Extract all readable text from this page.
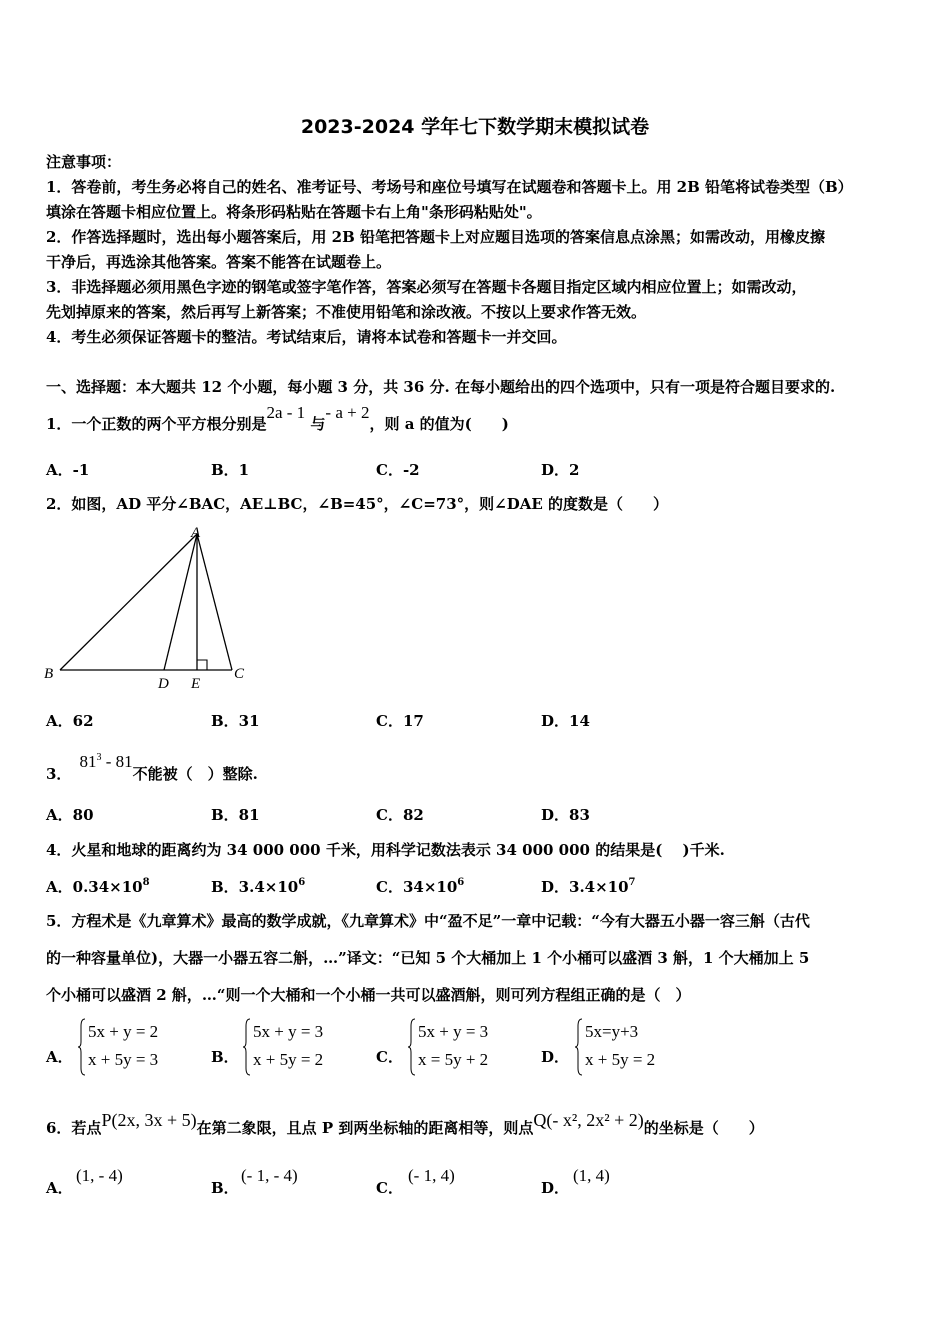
2023-2024 学年七下数学期末模拟试卷
注意事项：
1．答卷前，考生务必将自己的姓名、准考证号、考场号和座位号填写在试题卷和答题卡上。用 2B 铅笔将试卷类型（B）
填涂在答题卡相应位置上。将条形码粘贴在答题卡右上角"条形码粘贴处"。
2．作答选择题时，选出每小题答案后，用 2B 铅笔把答题卡上对应题目选项的答案信息点涂黑；如需改动，用橡皮擦
干净后，再选涂其他答案。答案不能答在试题卷上。
3．非选择题必须用黑色字迹的钢笔或签字笔作答，答案必须写在答题卡各题目指定区域内相应位置上；如需改动，
先划掉原来的答案，然后再写上新答案；不准使用铅笔和涂改液。不按以上要求作答无效。
4．考生必须保证答题卡的整洁。考试结束后，请将本试卷和答题卡一并交回。
一、选择题：本大题共 12 个小题，每小题 3 分，共 36 分. 在每小题给出的四个选项中，只有一项是符合题目要求的.
1．一个正数的两个平方根分别是2a - 1 与- a + 2，则 a 的值为(　　)
A．-1	B．1	C．-2	D．2
2．如图，AD 平分∠BAC，AE⊥BC，∠B=45°，∠C=73°，则∠DAE 的度数是（　　）
A
B	C
D E
A．62	B．31	C．17	D．14
3．$81^3 - 81$不能被（　）整除.
A．80	B．81	C．82	D．83
4．火星和地球的距离约为 34 000 000 千米，用科学记数法表示 34 000 000 的结果是(　 )千米.
A．$0.34\times 10^8$	B．$3.4\times 10^6$	C．$34\times 10^6$	D．$3.4\times 10^7$
5．方程术是《九章算术》最高的数学成就，《九章算术》中“盈不足”一章中记载：“今有大器五小器一容三斛（古代
的一种容量单位)，大器一小器五容二斛，…”译文：“已知 5 个大桶加上 1 个小桶可以盛酒 3 斛，1 个大桶加上 5
个小桶可以盛酒 2 斛，…“则一个大桶和一个小桶一共可以盛酒斛，则可列方程组正确的是（　）
A．
5x + y = 2
x + 5y = 3	B．
5x + y = 3
x + 5y = 2	C．
5x + y = 3
x = 5y + 2	D．
5x=y+3
x + 5y = 2
6．若点P(2x, 3x + 5)在第二象限，且点 P 到两坐标轴的距离相等，则点Q(- x², 2x² + 2)的坐标是（　　）
A．
(1, - 4)
B．
(- 1, - 4)
C．
(- 1, 4)
D．
(1, 4)
